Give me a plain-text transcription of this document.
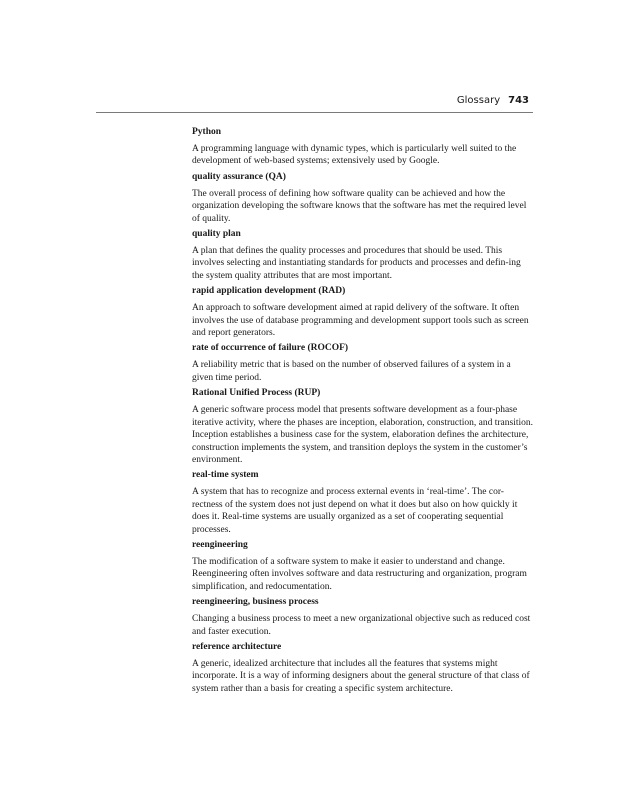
Glossary 743
Python
A programming language with dynamic types, which is particularly well suited to the development of web-based systems; extensively used by Google.
quality assurance (QA)
The overall process of defining how software quality can be achieved and how the organization developing the software knows that the software has met the required level of quality.
quality plan
A plan that defines the quality processes and procedures that should be used. This involves selecting and instantiating standards for products and processes and defin-ing the system quality attributes that are most important.
rapid application development (RAD)
An approach to software development aimed at rapid delivery of the software. It often involves the use of database programming and development support tools such as screen and report generators.
rate of occurrence of failure (ROCOF)
A reliability metric that is based on the number of observed failures of a system in a given time period.
Rational Unified Process (RUP)
A generic software process model that presents software development as a four-phase iterative activity, where the phases are inception, elaboration, construction, and transition. Inception establishes a business case for the system, elaboration defines the architecture, construction implements the system, and transition deploys the system in the customer’s environment.
real-time system
A system that has to recognize and process external events in ‘real-time’. The cor-rectness of the system does not just depend on what it does but also on how quickly it does it. Real-time systems are usually organized as a set of cooperating sequential processes.
reengineering
The modification of a software system to make it easier to understand and change. Reengineering often involves software and data restructuring and organization, program simplification, and redocumentation.
reengineering, business process
Changing a business process to meet a new organizational objective such as reduced cost and faster execution.
reference architecture
A generic, idealized architecture that includes all the features that systems might incorporate. It is a way of informing designers about the general structure of that class of system rather than a basis for creating a specific system architecture.
